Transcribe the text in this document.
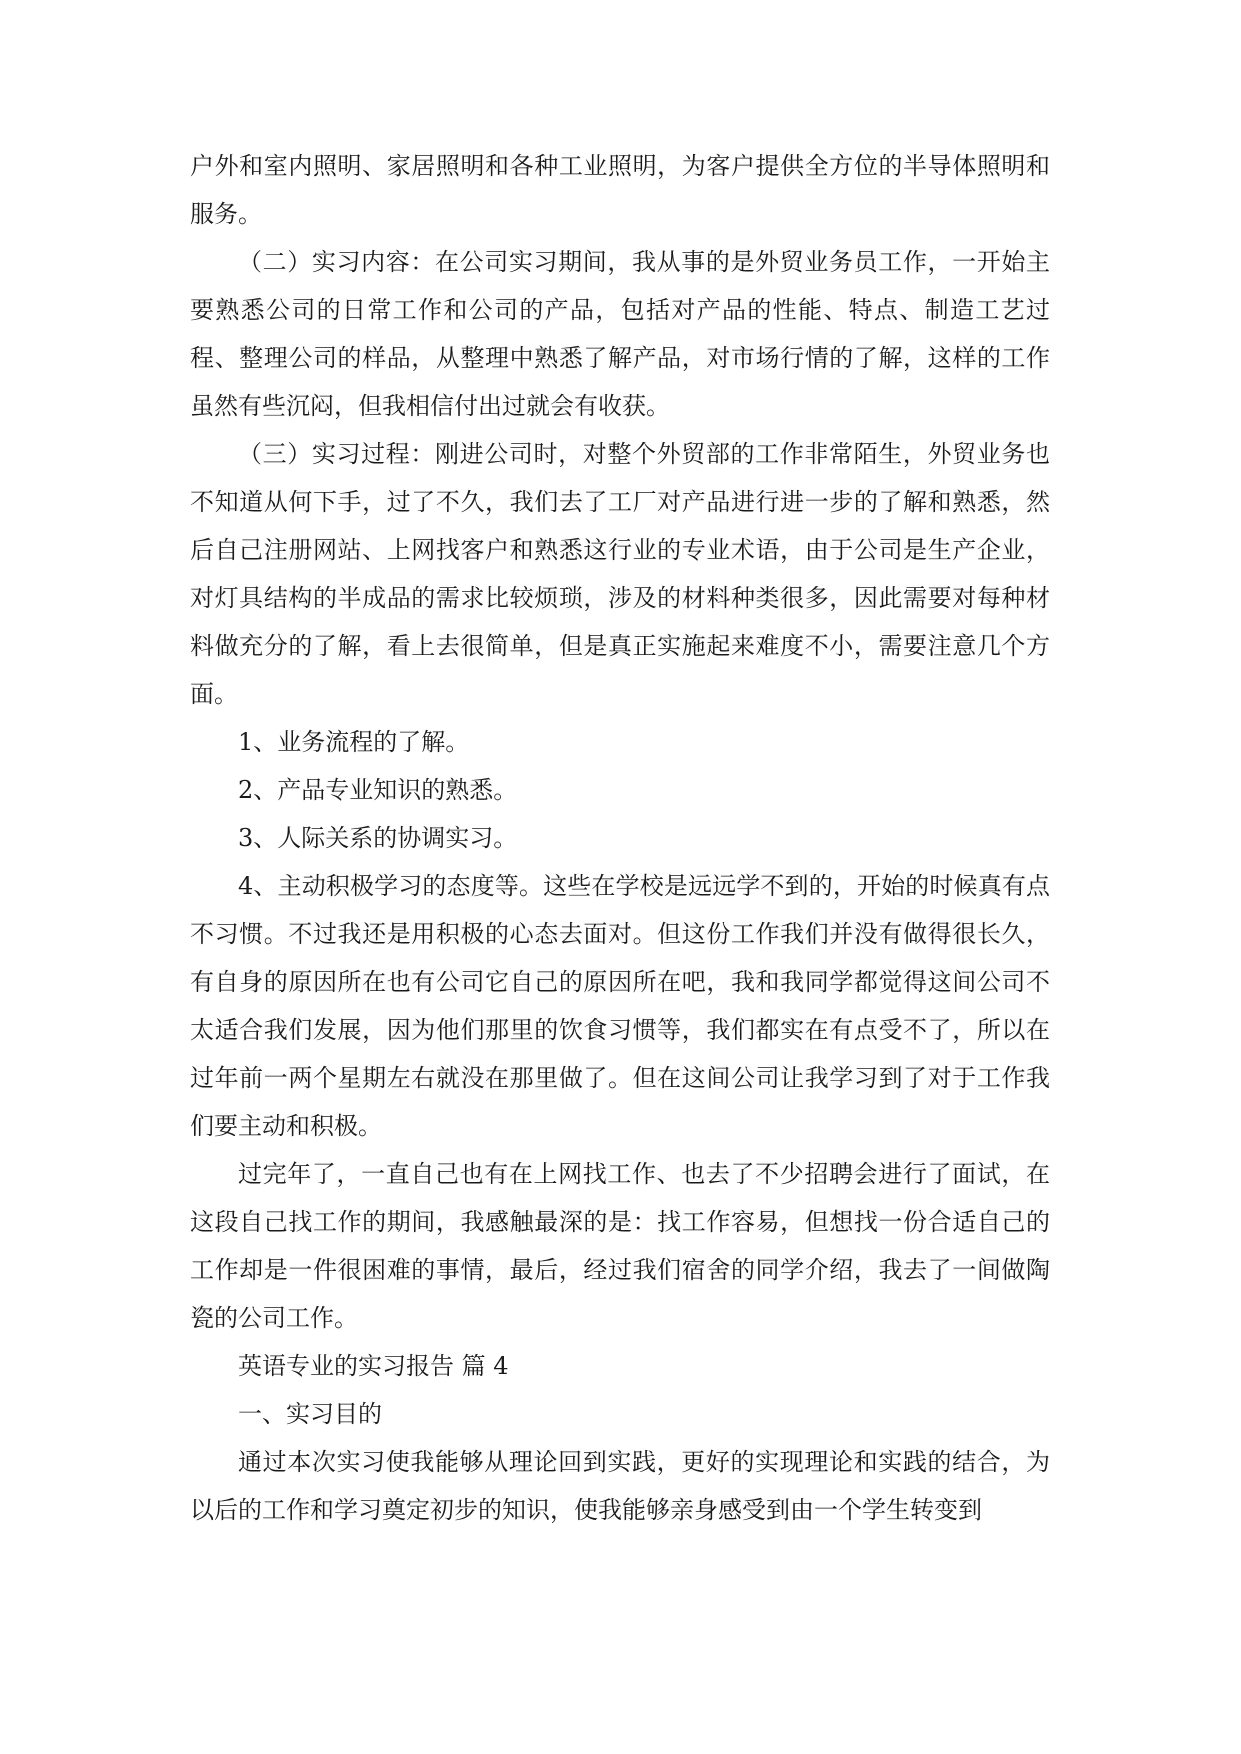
户外和室内照明、家居照明和各种工业照明，为客户提供全方位的半导体照明和服务。

（二）实习内容：在公司实习期间，我从事的是外贸业务员工作，一开始主要熟悉公司的日常工作和公司的产品，包括对产品的性能、特点、制造工艺过程、整理公司的样品，从整理中熟悉了解产品，对市场行情的了解，这样的工作虽然有些沉闷，但我相信付出过就会有收获。

（三）实习过程：刚进公司时，对整个外贸部的工作非常陌生，外贸业务也不知道从何下手，过了不久，我们去了工厂对产品进行进一步的了解和熟悉，然后自己注册网站、上网找客户和熟悉这行业的专业术语，由于公司是生产企业，对灯具结构的半成品的需求比较烦琐，涉及的材料种类很多，因此需要对每种材料做充分的了解，看上去很简单，但是真正实施起来难度不小，需要注意几个方面。

1、业务流程的了解。

2、产品专业知识的熟悉。

3、人际关系的协调实习。

4、主动积极学习的态度等。这些在学校是远远学不到的，开始的时候真有点不习惯。不过我还是用积极的心态去面对。但这份工作我们并没有做得很长久，有自身的原因所在也有公司它自己的原因所在吧，我和我同学都觉得这间公司不太适合我们发展，因为他们那里的饮食习惯等，我们都实在有点受不了，所以在过年前一两个星期左右就没在那里做了。但在这间公司让我学习到了对于工作我们要主动和积极。

过完年了，一直自己也有在上网找工作、也去了不少招聘会进行了面试，在这段自己找工作的期间，我感触最深的是：找工作容易，但想找一份合适自己的工作却是一件很困难的事情，最后，经过我们宿舍的同学介绍，我去了一间做陶瓷的公司工作。

英语专业的实习报告 篇 4

一、实习目的

通过本次实习使我能够从理论回到实践，更好的实现理论和实践的结合，为以后的工作和学习奠定初步的知识，使我能够亲身感受到由一个学生转变到
